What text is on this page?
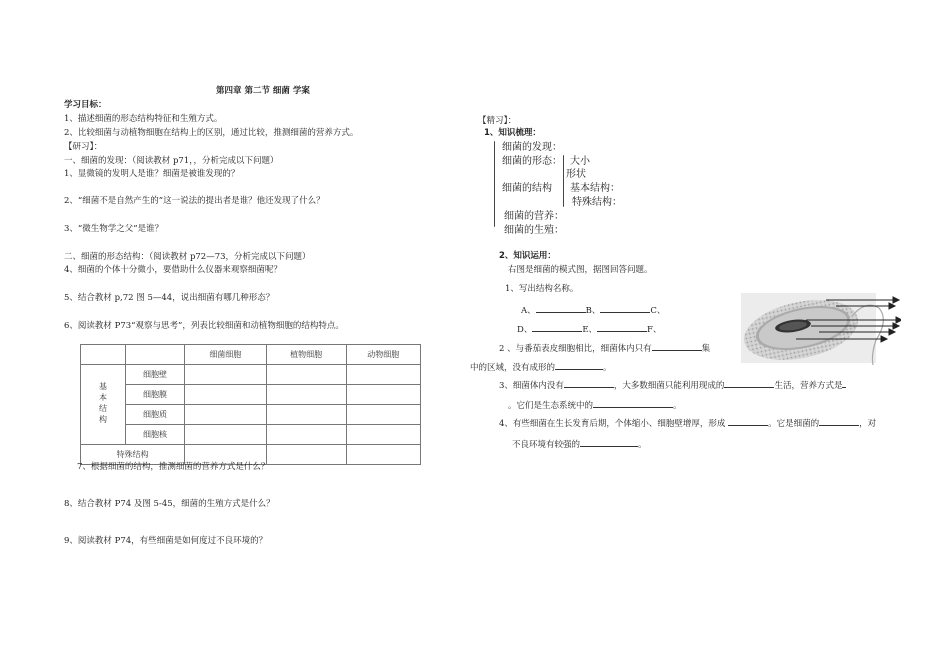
第四章 第二节 细菌 学案
学习目标：
1、描述细菌的形态结构特征和生殖方式。
2、比较细菌与动植物细胞在结构上的区别，通过比较，推测细菌的营养方式。
【研习】：
一、细菌的发现：（阅读教材 p71，，分析完成以下问题）
1、显微镜的发明人是谁？细菌是被谁发现的？
2、“细菌不是自然产生的”这一说法的提出者是谁？他还发现了什么？
3、“微生物学之父”是谁？
二、细菌的形态结构：（阅读教材 p72—73，分析完成以下问题）
4、细菌的个体十分微小，要借助什么仪器来观察细菌呢？
5、结合教材 p,72 图 5—44，说出细菌有哪几种形态？
6、阅读教材 P73“观察与思考”，列表比较细菌和动植物细胞的结构特点。
		细菌细胞	植物细胞	动物细胞
基本结构	细胞壁			
	细胞膜			
	细胞质			
	细胞核			
特殊结构				
7、根据细菌的结构，推测细菌的营养方式是什么？
8、结合教材 P74 及图 5-45，细菌的生殖方式是什么？
9、阅读教材 P74，有些细菌是如何度过不良环境的？
【精习】：
1、知识梳理：
细菌的发现：
细菌的形态： 大小
形状
细菌的结构 基本结构：
特殊结构：
细菌的营养：
细菌的生殖：
2、知识运用：
右图是细菌的模式图，据图回答问题。
1、写出结构名称。
A、	B、	C、
D、	E、	F、
2 、与番茄表皮细胞相比，细菌体内只有	集
中的区域，没有成形的	。
3、细菌体内没有	，大多数细菌只能利用现成的	生活，营养方式是
。它们是生态系统中的	。
4、有些细菌在生长发育后期，个体缩小、细胞壁增厚，形成	。它是细菌的	，对
不良环境有较强的	。
